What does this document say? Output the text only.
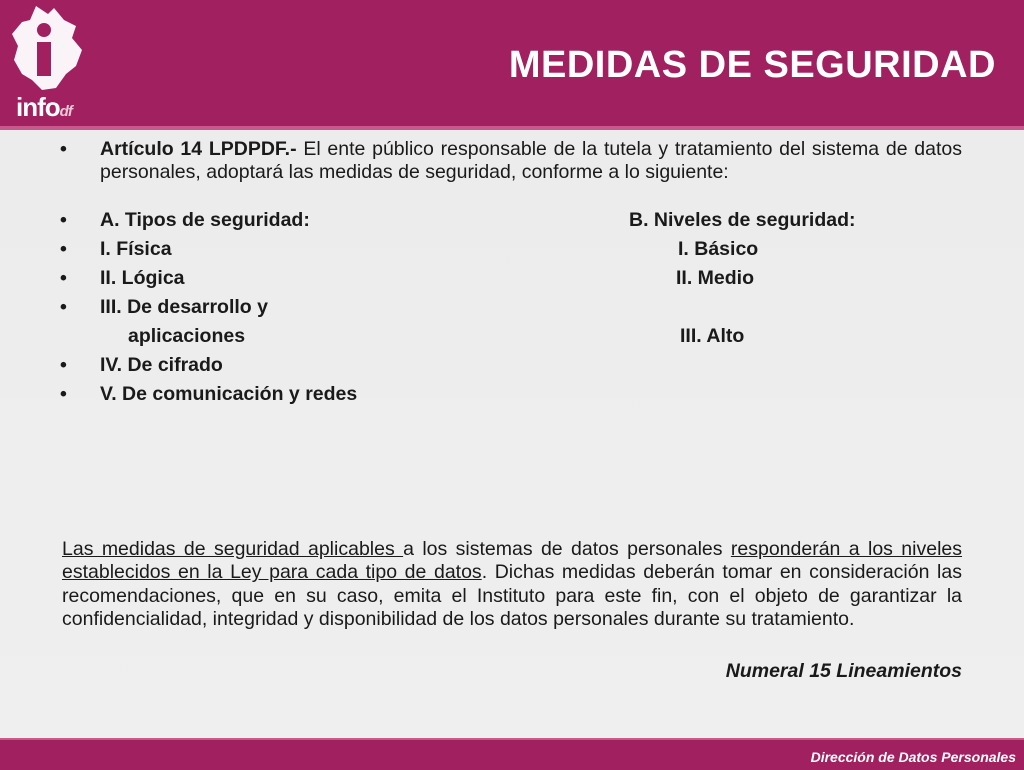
infodf
MEDIDAS DE SEGURIDAD
•	Artículo 14 LPDPDF.- El ente público responsable de la tutela y tratamiento del sistema de datos personales, adoptará las medidas de seguridad, conforme a lo siguiente:
•	A. Tipos de seguridad:	B. Niveles de seguridad:
•	I. Física	I. Básico
•	II. Lógica	II. Medio
•	III. De desarrollo y
aplicaciones	III. Alto
•	IV. De cifrado
•	V. De comunicación y redes

Las medidas de seguridad aplicables a los sistemas de datos personales responderán a los niveles establecidos en la Ley para cada tipo de datos. Dichas medidas deberán tomar en consideración las recomendaciones, que en su caso, emita el Instituto para este fin, con el objeto de garantizar la confidencialidad, integridad y disponibilidad de los datos personales durante su tratamiento.

Numeral 15 Lineamientos

Dirección de Datos Personales
